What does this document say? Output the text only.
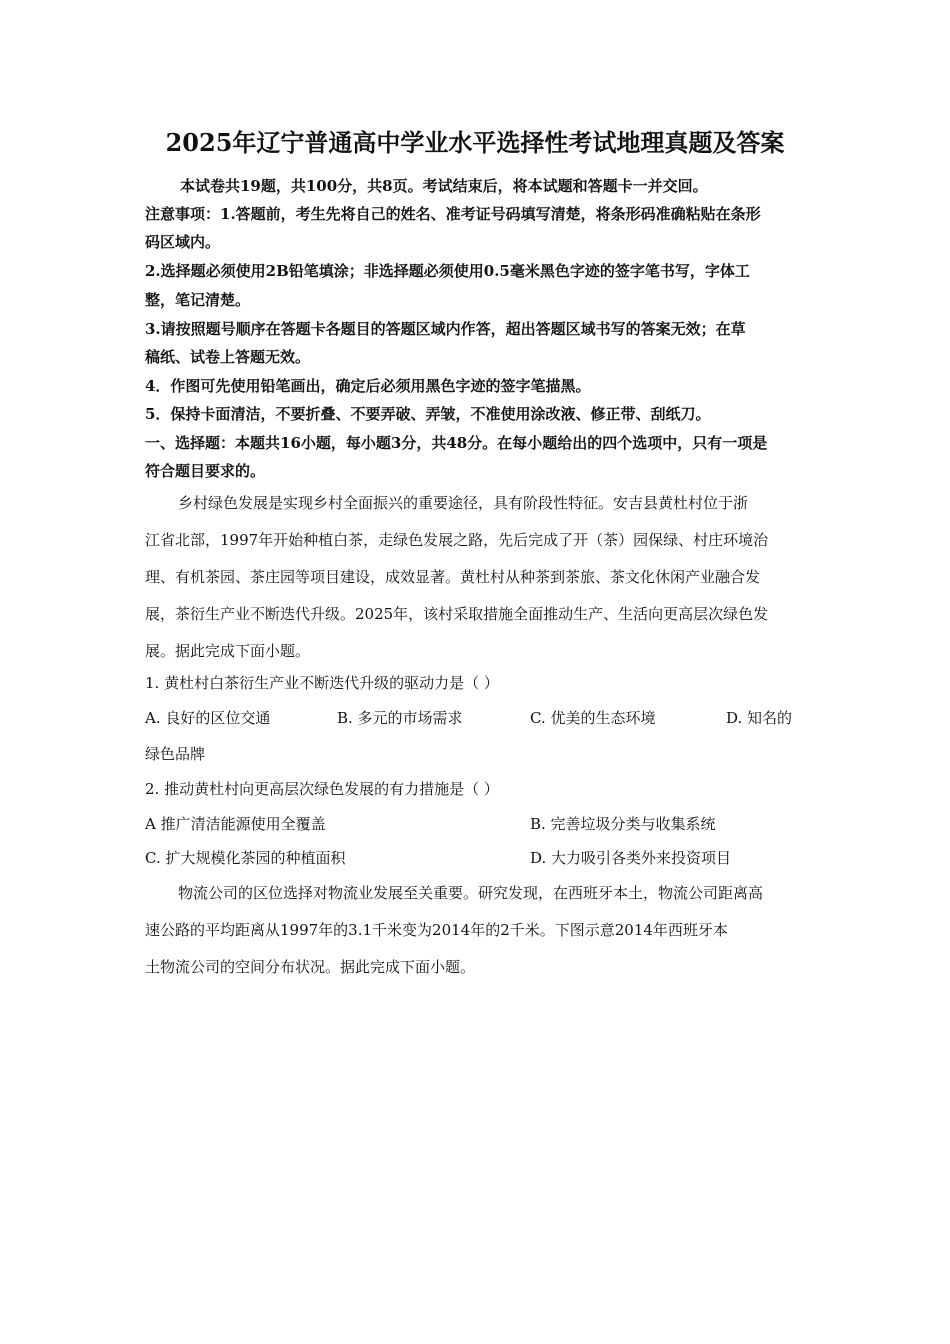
2025年辽宁普通高中学业水平选择性考试地理真题及答案
本试卷共19题，共100分，共8页。考试结束后，将本试题和答题卡一并交回。
注意事项：1.答题前，考生先将自己的姓名、准考证号码填写清楚，将条形码准确粘贴在条形
码区域内。
2.选择题必须使用2B铅笔填涂；非选择题必须使用0.5毫米黑色字迹的签字笔书写，字体工
整，笔记清楚。
3.请按照题号顺序在答题卡各题目的答题区域内作答，超出答题区域书写的答案无效；在草
稿纸、试卷上答题无效。
4．作图可先使用铅笔画出，确定后必须用黑色字迹的签字笔描黑。
5．保持卡面清洁，不要折叠、不要弄破、弄皱，不准使用涂改液、修正带、刮纸刀。
一、选择题：本题共16小题，每小题3分，共48分。在每小题给出的四个选项中，只有一项是
符合题目要求的。
乡村绿色发展是实现乡村全面振兴的重要途径，具有阶段性特征。安吉县黄杜村位于浙
江省北部，1997年开始种植白茶，走绿色发展之路，先后完成了开（茶）园保绿、村庄环境治
理、有机茶园、茶庄园等项目建设，成效显著。黄杜村从种茶到茶旅、茶文化休闲产业融合发
展，茶衍生产业不断迭代升级。2025年，该村采取措施全面推动生产、生活向更高层次绿色发
展。据此完成下面小题。
1. 黄杜村白茶衍生产业不断迭代升级的驱动力是（ ）
A. 良好的区位交通	B. 多元的市场需求	C. 优美的生态环境	D. 知名的
绿色品牌
2. 推动黄杜村向更高层次绿色发展的有力措施是（ ）
A 推广清洁能源使用全覆盖	B. 完善垃圾分类与收集系统
C. 扩大规模化茶园的种植面积	D. 大力吸引各类外来投资项目
物流公司的区位选择对物流业发展至关重要。研究发现，在西班牙本土，物流公司距离高
速公路的平均距离从1997年的3.1千米变为2014年的2千米。下图示意2014年西班牙本
土物流公司的空间分布状况。据此完成下面小题。
